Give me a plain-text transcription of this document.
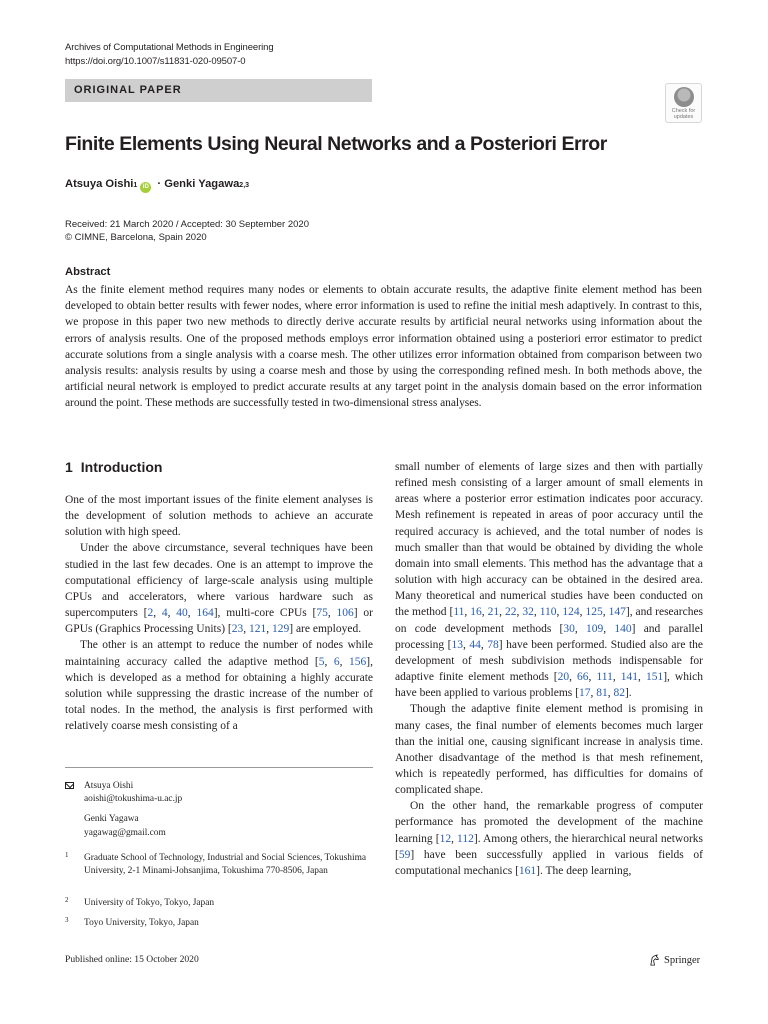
Archives of Computational Methods in Engineering
https://doi.org/10.1007/s11831-020-09507-0
ORIGINAL PAPER
Check for
updates
Finite Elements Using Neural Networks and a Posteriori Error
Atsuya Oishi 1 iD · Genki Yagawa 2,3
Received: 21 March 2020 / Accepted: 30 September 2020
© CIMNE, Barcelona, Spain 2020
Abstract
As the finite element method requires many nodes or elements to obtain accurate results, the adaptive finite element method has been developed to obtain better results with fewer nodes, where error information is used to refine the initial mesh adaptively. In contrast to this, we propose in this paper two new methods to directly derive accurate results by artificial neural networks using information about the errors of analysis results. One of the proposed methods employs error information obtained using a posteriori error estimator to predict accurate solutions from a single analysis with a coarse mesh. The other utilizes error information obtained from comparison between two analysis results: analysis results by using a coarse mesh and those by using the corresponding refined mesh. In both methods above, the artificial neural network is employed to predict accurate results at any target point in the analysis domain based on the error information around the point. These methods are successfully tested in two-dimensional stress analyses.
1 Introduction

One of the most important issues of the finite element analyses is the development of solution methods to achieve an accurate solution with high speed.

Under the above circumstance, several techniques have been studied in the last few decades. One is an attempt to improve the computational efficiency of large-scale analysis using multiple CPUs and accelerators, where various hardware such as supercomputers [2, 4, 40, 164], multi-core CPUs [75, 106] or GPUs (Graphics Processing Units) [23, 121, 129] are employed.

The other is an attempt to reduce the number of nodes while maintaining accuracy called the adaptive method [5, 6, 156], which is developed as a method for obtaining a highly accurate solution while suppressing the drastic increase of the number of total nodes. In the method, the analysis is first performed with relatively coarse mesh consisting of a

small number of elements of large sizes and then with partially refined mesh consisting of a larger amount of small elements in areas where a posterior error estimation indicates poor accuracy. Mesh refinement is repeated in areas of poor accuracy until the required accuracy is achieved, and the total number of nodes is much smaller than that would be obtained by dividing the whole domain into small elements. This method has the advantage that a solution with high accuracy can be obtained in the desired area. Many theoretical and numerical studies have been conducted on the method [11, 16, 21, 22, 32, 110, 124, 125, 147], and researches on code development methods [30, 109, 140] and parallel processing [13, 44, 78] have been performed. Studied also are the development of mesh subdivision methods indispensable for adaptive finite element methods [20, 66, 111, 141, 151], which have been applied to various problems [17, 81, 82].

Though the adaptive finite element method is promising in many cases, the final number of elements becomes much larger than the initial one, causing significant increase in analysis time. Another disadvantage of the method is that mesh refinement, which is repeatedly performed, has difficulties for domains of complicated shape.

On the other hand, the remarkable progress of computer performance has promoted the development of the machine learning [12, 112]. Among others, the hierarchical neural networks [59] have been successfully applied in various fields of computational mechanics [161]. The deep learning,

Atsuya Oishi
aoishi@tokushima-u.ac.jp
Genki Yagawa
yagawag@gmail.com
1 Graduate School of Technology, Industrial and Social Sciences, Tokushima University, 2-1 Minami-Johsanjima, Tokushima 770-8506, Japan
2 University of Tokyo, Tokyo, Japan
3 Toyo University, Tokyo, Japan
Published online: 15 October 2020	Springer
